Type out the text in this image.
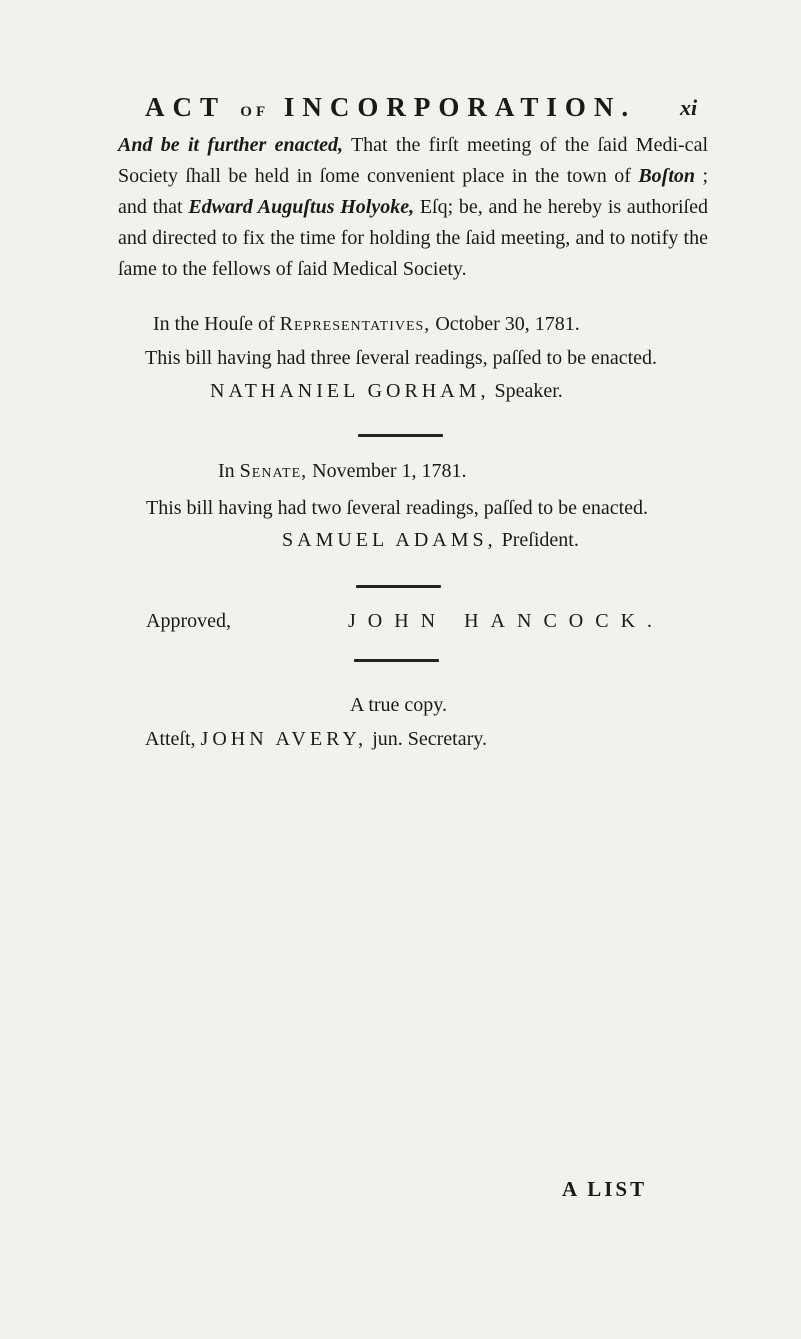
ACT OF INCORPORATION.	xi
And be it further enacted, That the firſt meeting of the ſaid Medi-cal Society ſhall be held in ſome convenient place in the town of Boſton ; and that Edward Auguſtus Holyoke, Eſq; be, and he hereby is authoriſed and directed to fix the time for holding the ſaid meeting, and to notify the ſame to the fellows of ſaid Medical Society.
In the Houſe of Representatives, October 30, 1781.
This bill having had three ſeveral readings, paſſed to be enacted.
NATHANIEL GORHAM, Speaker.
In Senate, November 1, 1781.
This bill having had two ſeveral readings, paſſed to be enacted.
SAMUEL ADAMS, Preſident.
Approved,	JOHN HANCOCK.
A true copy.
Atteſt, JOHN AVERY, jun. Secretary.
A LIST
